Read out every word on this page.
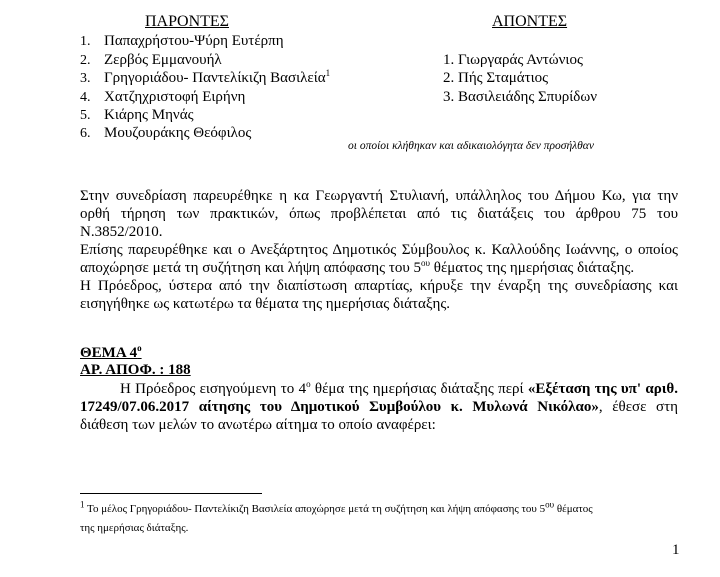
ΠΑΡΟΝΤΕΣ	ΑΠΟΝΤΕΣ
1. Παπαχρήστου-Ψύρη Ευτέρπη
2. Ζερβός Εμμανουήλ
3. Γρηγοριάδου- Παντελίκιζη Βασιλεία$^1$
4. Χατζηχριστοφή Ειρήνη
5. Κιάρης Μηνάς
6. Μουζουράκης Θεόφιλος
1. Γιωργαράς Αντώνιος
2. Πής Σταμάτιος
3. Βασιλειάδης Σπυρίδων
οι οποίοι κλήθηκαν και αδικαιολόγητα δεν προσήλθαν
Στην συνεδρίαση παρευρέθηκε η κα Γεωργαντή Στυλιανή, υπάλληλος του Δήμου Κω, για την
ορθή τήρηση των πρακτικών, όπως προβλέπεται από τις διατάξεις του άρθρου 75 του
Ν.3852/2010.
Επίσης παρευρέθηκε και ο Ανεξάρτητος Δημοτικός Σύμβουλος κ. Καλλούδης Ιωάννης, ο οποίος
αποχώρησε μετά τη συζήτηση και λήψη απόφασης του $5^{o\upsilon}$ θέματος της ημερήσιας διάταξης.
Η Πρόεδρος, ύστερα από την διαπίστωση απαρτίας, κήρυξε την έναρξη της συνεδρίασης και
εισηγήθηκε ως κατωτέρω τα θέματα της ημερήσιας διάταξης.
ΘΕΜΑ $4^o$
ΑΡ. ΑΠΟΦ. : 188
Η Πρόεδρος εισηγούμενη το $4^o$ θέμα της ημερήσιας διάταξης περί «Εξέταση της υπ' αριθ.
17249/07.06.2017 αίτησης του Δημοτικού Συμβούλου κ. Μυλωνά Νικόλαο», έθεσε στη
διάθεση των μελών το ανωτέρω αίτημα το οποίο αναφέρει:
$^1$ Το μέλος Γρηγοριάδου- Παντελίκιζη Βασιλεία αποχώρησε μετά τη συζήτηση και λήψη απόφασης του $5^{o\upsilon}$ θέματος
της ημερήσιας διάταξης.
1
